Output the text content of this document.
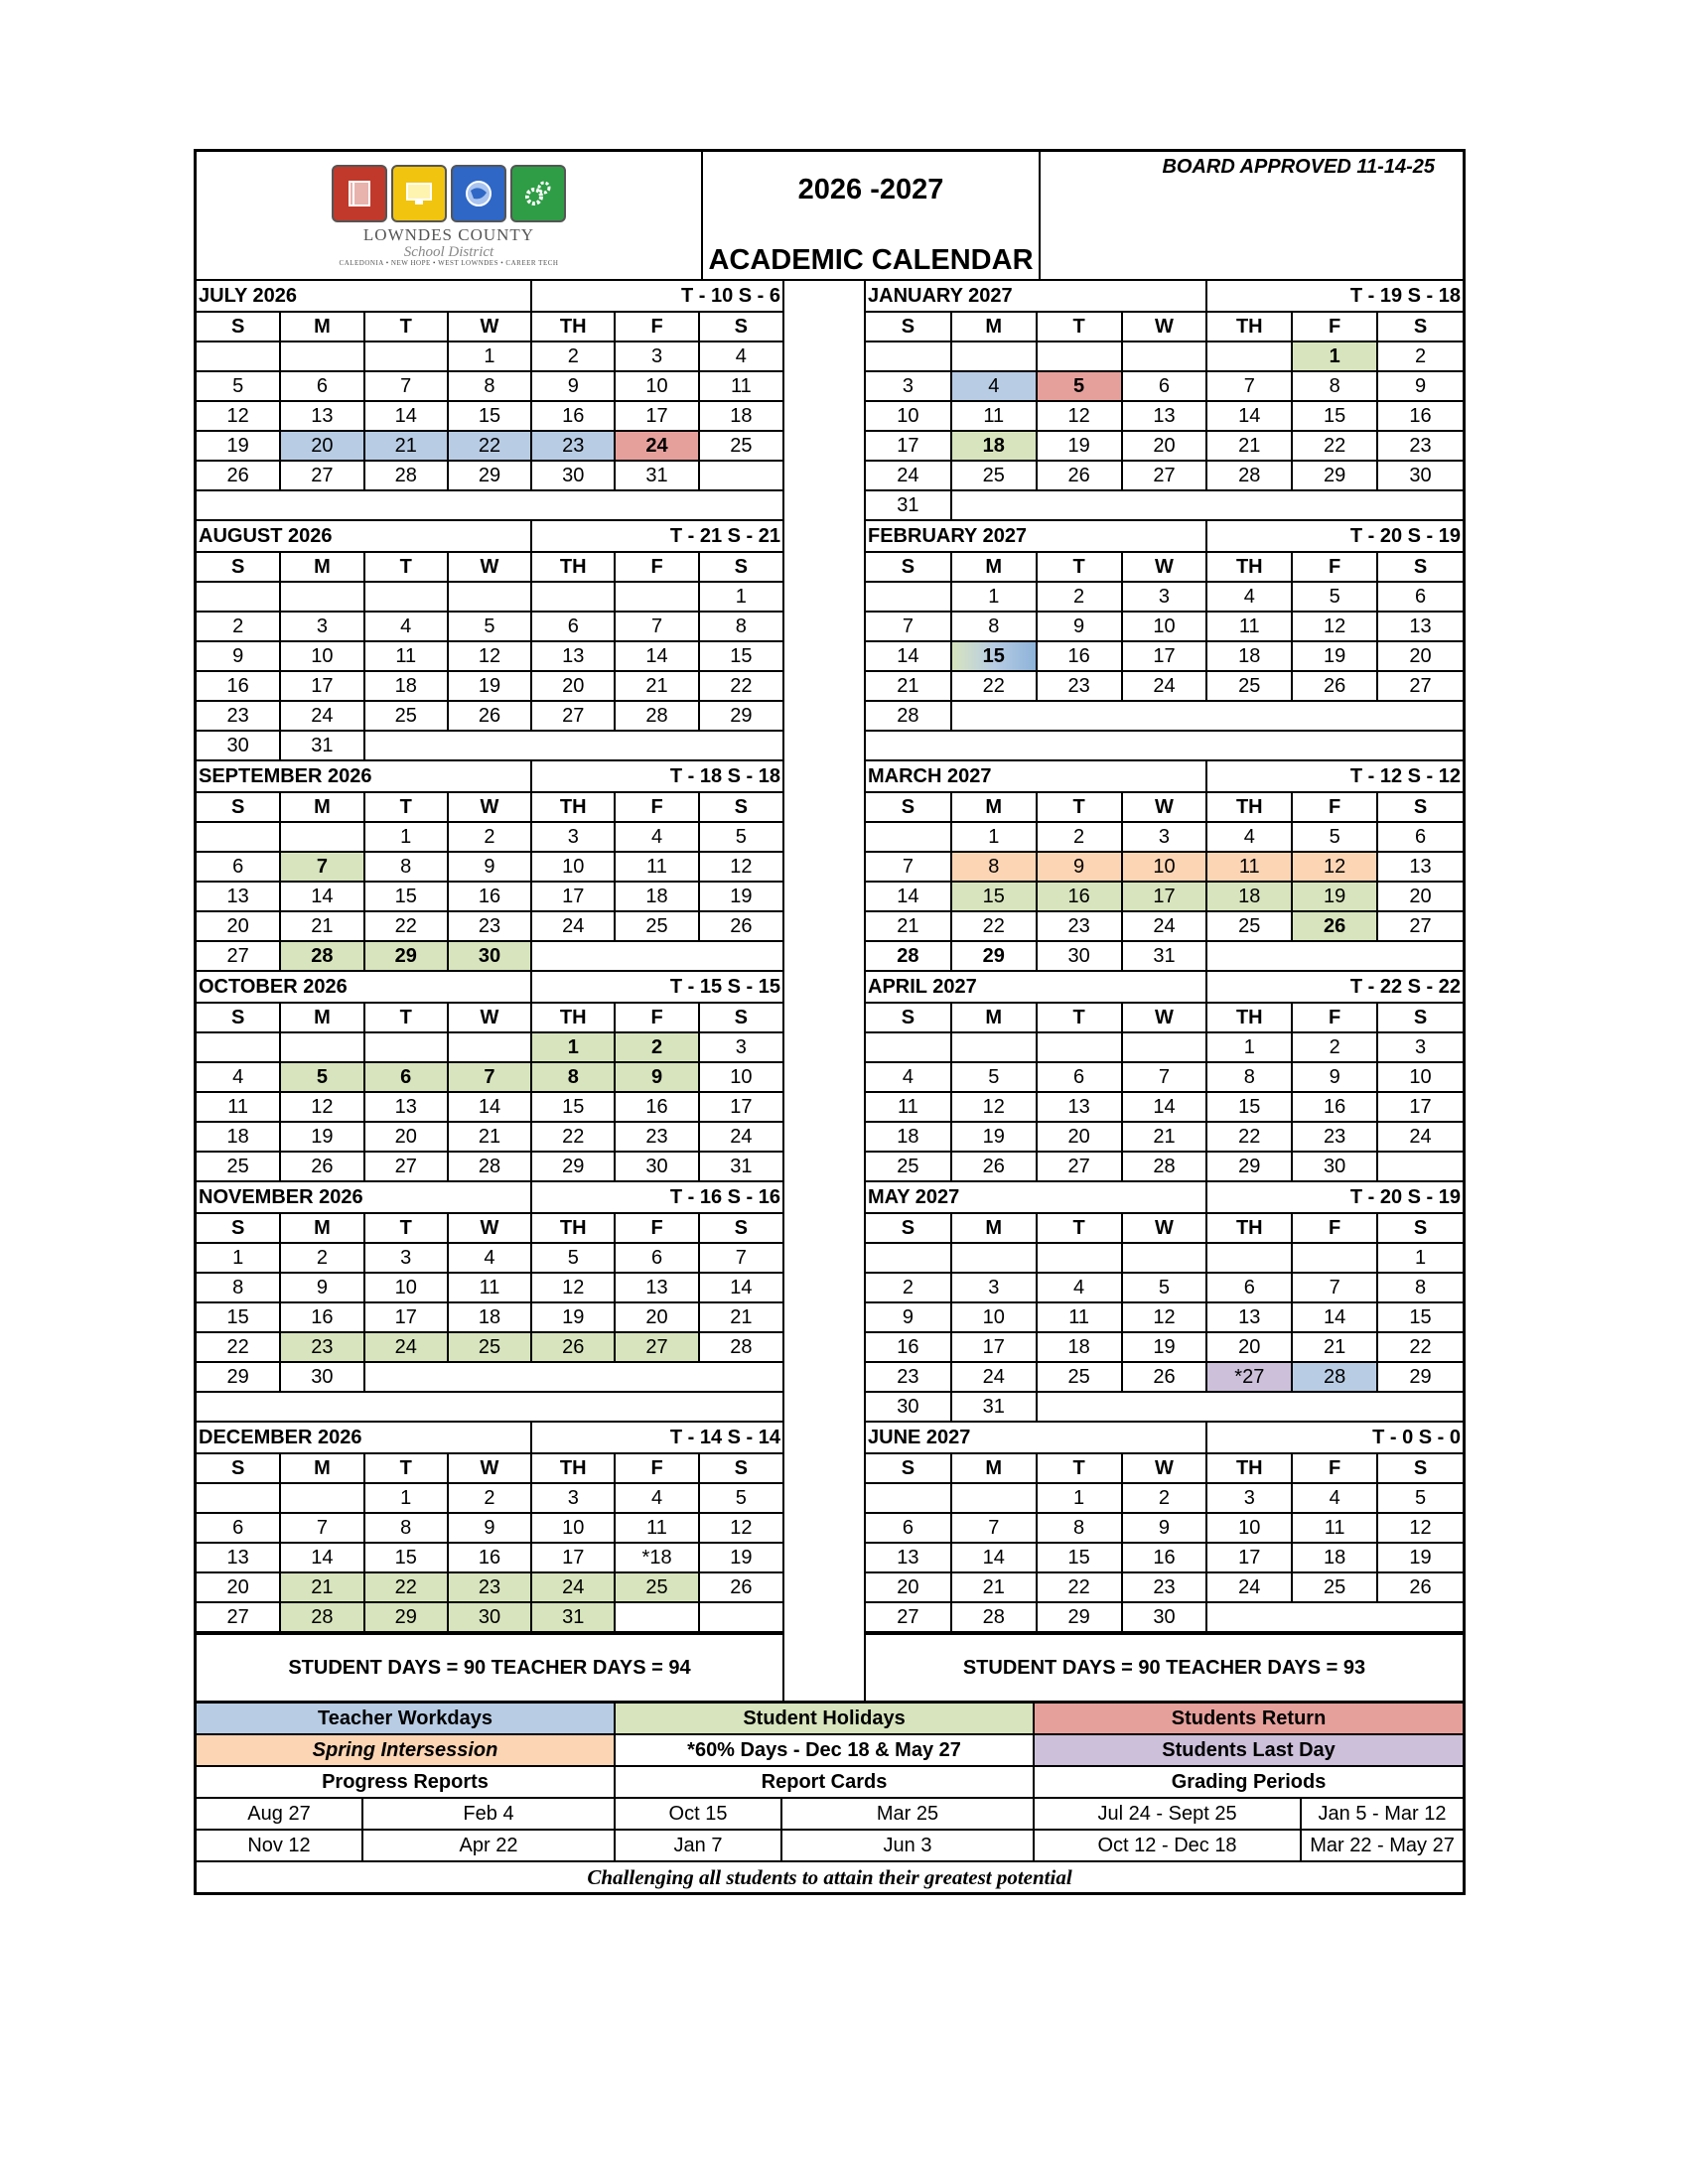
LOWNDES COUNTY
School District
CALEDONIA • NEW HOPE • WEST LOWNDES • CAREER TECH
2026 -2027
ACADEMIC CALENDAR
BOARD APPROVED 11-14-25
JULY 2026				T - 10 S - 6		
S	M	T	W	TH	F	S
			1	2	3	4
5	6	7	8	9	10	11
12	13	14	15	16	17	18
19	20	21	22	23	24	25
26	27	28	29	30	31	

AUGUST 2026				T - 21 S - 21		
S	M	T	W	TH	F	S
						1
2	3	4	5	6	7	8
9	10	11	12	13	14	15
16	17	18	19	20	21	22
23	24	25	26	27	28	29
30	31					
SEPTEMBER 2026				T - 18 S - 18		
S	M	T	W	TH	F	S
		1	2	3	4	5
6	7	8	9	10	11	12
13	14	15	16	17	18	19
20	21	22	23	24	25	26
27	28	29	30			
OCTOBER 2026				T - 15 S - 15		
S	M	T	W	TH	F	S
				1	2	3
4	5	6	7	8	9	10
11	12	13	14	15	16	17
18	19	20	21	22	23	24
25	26	27	28	29	30	31
NOVEMBER 2026				T - 16 S - 16		
S	M	T	W	TH	F	S
1	2	3	4	5	6	7
8	9	10	11	12	13	14
15	16	17	18	19	20	21
22	23	24	25	26	27	28
29	30					

DECEMBER 2026				T - 14 S - 14		
S	M	T	W	TH	F	S
		1	2	3	4	5
6	7	8	9	10	11	12
13	14	15	16	17	*18	19
20	21	22	23	24	25	26
27	28	29	30	31		
STUDENT DAYS = 90 TEACHER DAYS = 94
JANUARY 2027				T - 19 S - 18		
S	M	T	W	TH	F	S
					1	2
3	4	5	6	7	8	9
10	11	12	13	14	15	16
17	18	19	20	21	22	23
24	25	26	27	28	29	30
31						
FEBRUARY 2027				T - 20 S - 19		
S	M	T	W	TH	F	S
	1	2	3	4	5	6
7	8	9	10	11	12	13
14	15	16	17	18	19	20
21	22	23	24	25	26	27
28						

MARCH 2027				T - 12 S - 12		
S	M	T	W	TH	F	S
	1	2	3	4	5	6
7	8	9	10	11	12	13
14	15	16	17	18	19	20
21	22	23	24	25	26	27
28	29	30	31			
APRIL 2027				T - 22 S - 22		
S	M	T	W	TH	F	S
				1	2	3
4	5	6	7	8	9	10
11	12	13	14	15	16	17
18	19	20	21	22	23	24
25	26	27	28	29	30	
MAY 2027				T - 20 S - 19		
S	M	T	W	TH	F	S
						1
2	3	4	5	6	7	8
9	10	11	12	13	14	15
16	17	18	19	20	21	22
23	24	25	26	*27	28	29
30	31					
JUNE 2027				T - 0 S - 0		
S	M	T	W	TH	F	S
		1	2	3	4	5
6	7	8	9	10	11	12
13	14	15	16	17	18	19
20	21	22	23	24	25	26
27	28	29	30			
STUDENT DAYS = 90 TEACHER DAYS = 93
Teacher Workdays		Student Holidays		Students Return	
Spring Intersession		*60% Days - Dec 18 & May 27		Students Last Day	
Progress Reports		Report Cards		Grading Periods	
Aug 27	Feb 4	Oct 15	Mar 25	Jul 24 - Sept 25	Jan 5 - Mar 12
Nov 12	Apr 22	Jan 7	Jun 3	Oct 12 - Dec 18	Mar 22 - May 27
Challenging all students to attain their greatest potential					
